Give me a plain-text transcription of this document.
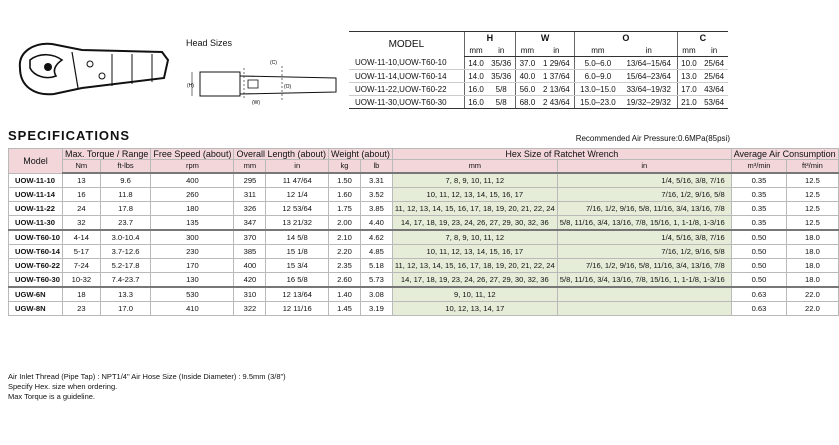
Head Sizes
(H)
(W)
(C)
(O)
MODEL	H		W		O		C	
	mm	in	mm	in	mm	in	mm	in
UOW-11-10,UOW-T60-10	14.0	35/36	37.0	1 29/64	5.0–6.0	13/64–15/64	10.0	25/64
UOW-11-14,UOW-T60-14	14.0	35/36	40.0	1 37/64	6.0–9.0	15/64–23/64	13.0	25/64
UOW-11-22,UOW-T60-22	16.0	5/8	56.0	2 13/64	13.0–15.0	33/64–19/32	17.0	43/64
UOW-11-30,UOW-T60-30	16.0	5/8	68.0	2 43/64	15.0–23.0	19/32–29/32	21.0	53/64
SPECIFICATIONS	Recommended Air Pressure:0.6MPa(85psi)
Model	Max. Torque / Range		Free Speed (about)	Overall Length (about)		Weight (about)		Hex Size of Ratchet Wrench		Average Air Consumption	
	Nm	ft-lbs	rpm	mm	in	kg	lb	mm	in	m³/min	ft³/min
UOW-11-10	13	9.6	400	295	11 47/64	1.50	3.31	7, 8, 9, 10, 11, 12	1/4, 5/16, 3/8, 7/16	0.35	12.5
UOW-11-14	16	11.8	260	311	12 1/4	1.60	3.52	10, 11, 12, 13, 14, 15, 16, 17	7/16, 1/2, 9/16, 5/8	0.35	12.5
UOW-11-22	24	17.8	180	326	12 53/64	1.75	3.85	11, 12, 13, 14, 15, 16, 17, 18, 19, 20, 21, 22, 24	7/16, 1/2, 9/16, 5/8, 11/16, 3/4, 13/16, 7/8	0.35	12.5
UOW-11-30	32	23.7	135	347	13 21/32	2.00	4.40	14, 17, 18, 19, 23, 24, 26, 27, 29, 30, 32, 36	5/8, 11/16, 3/4, 13/16, 7/8, 15/16, 1, 1-1/8, 1-3/16	0.35	12.5
UOW-T60-10	4-14	3.0-10.4	300	370	14 5/8	2.10	4.62	7, 8, 9, 10, 11, 12	1/4, 5/16, 3/8, 7/16	0.50	18.0
UOW-T60-14	5-17	3.7-12.6	230	385	15 1/8	2.20	4.85	10, 11, 12, 13, 14, 15, 16, 17	7/16, 1/2, 9/16, 5/8	0.50	18.0
UOW-T60-22	7-24	5.2-17.8	170	400	15 3/4	2.35	5.18	11, 12, 13, 14, 15, 16, 17, 18, 19, 20, 21, 22, 24	7/16, 1/2, 9/16, 5/8, 11/16, 3/4, 13/16, 7/8	0.50	18.0
UOW-T60-30	10-32	7.4-23.7	130	420	16 5/8	2.60	5.73	14, 17, 18, 19, 23, 24, 26, 27, 29, 30, 32, 36	5/8, 11/16, 3/4, 13/16, 7/8, 15/16, 1, 1-1/8, 1-3/16	0.50	18.0
UGW-6N	18	13.3	530	310	12 13/64	1.40	3.08	9, 10, 11, 12		0.63	22.0
UGW-8N	23	17.0	410	322	12 11/16	1.45	3.19	10, 12, 13, 14, 17		0.63	22.0
Air Inlet Thread (Pipe Tap) : NPT1/4" Air Hose Size (Inside Diameter) : 9.5mm (3/8")
Specify Hex. size when ordering.
Max Torque is a guideline.
